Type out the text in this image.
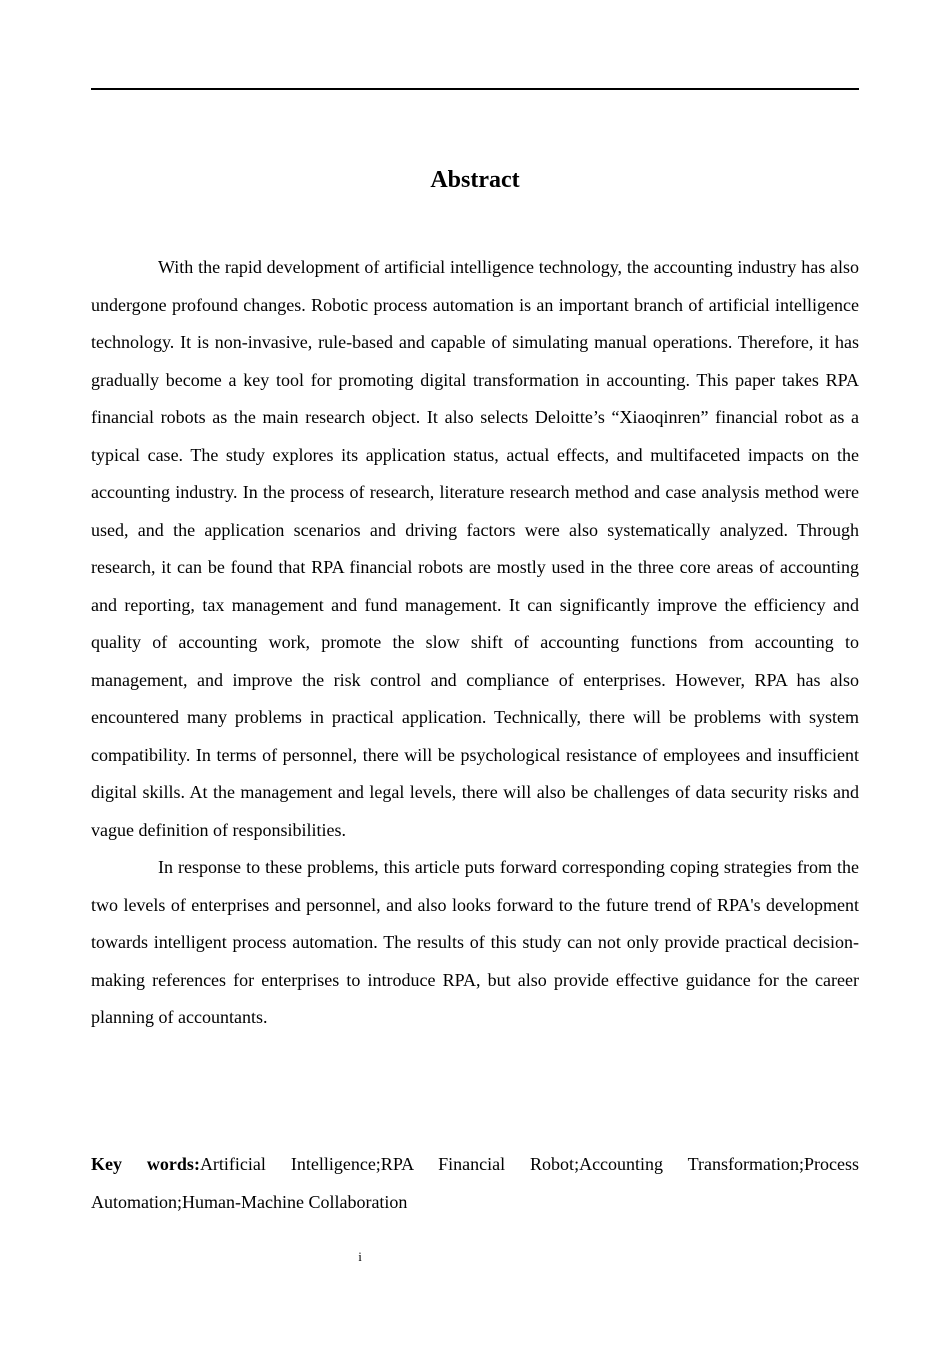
Abstract

With the rapid development of artificial intelligence technology, the accounting industry has also undergone profound changes. Robotic process automation is an important branch of artificial intelligence technology. It is non-invasive, rule-based and capable of simulating manual operations. Therefore, it has gradually become a key tool for promoting digital transformation in accounting. This paper takes RPA financial robots as the main research object. It also selects Deloitte’s “Xiaoqinren” financial robot as a typical case. The study explores its application status, actual effects, and multifaceted impacts on the accounting industry. In the process of research, literature research method and case analysis method were used, and the application scenarios and driving factors were also systematically analyzed. Through research, it can be found that RPA financial robots are mostly used in the three core areas of accounting and reporting, tax management and fund management. It can significantly improve the efficiency and quality of accounting work, promote the slow shift of accounting functions from accounting to management, and improve the risk control and compliance of enterprises. However, RPA has also encountered many problems in practical application. Technically, there will be problems with system compatibility. In terms of personnel, there will be psychological resistance of employees and insufficient digital skills. At the management and legal levels, there will also be challenges of data security risks and vague definition of responsibilities.

In response to these problems, this article puts forward corresponding coping strategies from the two levels of enterprises and personnel, and also looks forward to the future trend of RPA's development towards intelligent process automation. The results of this study can not only provide practical decision-making references for enterprises to introduce RPA, but also provide effective guidance for the career planning of accountants.

Key words:Artificial Intelligence;RPA Financial Robot;Accounting Transformation;Process Automation;Human-Machine Collaboration
i
